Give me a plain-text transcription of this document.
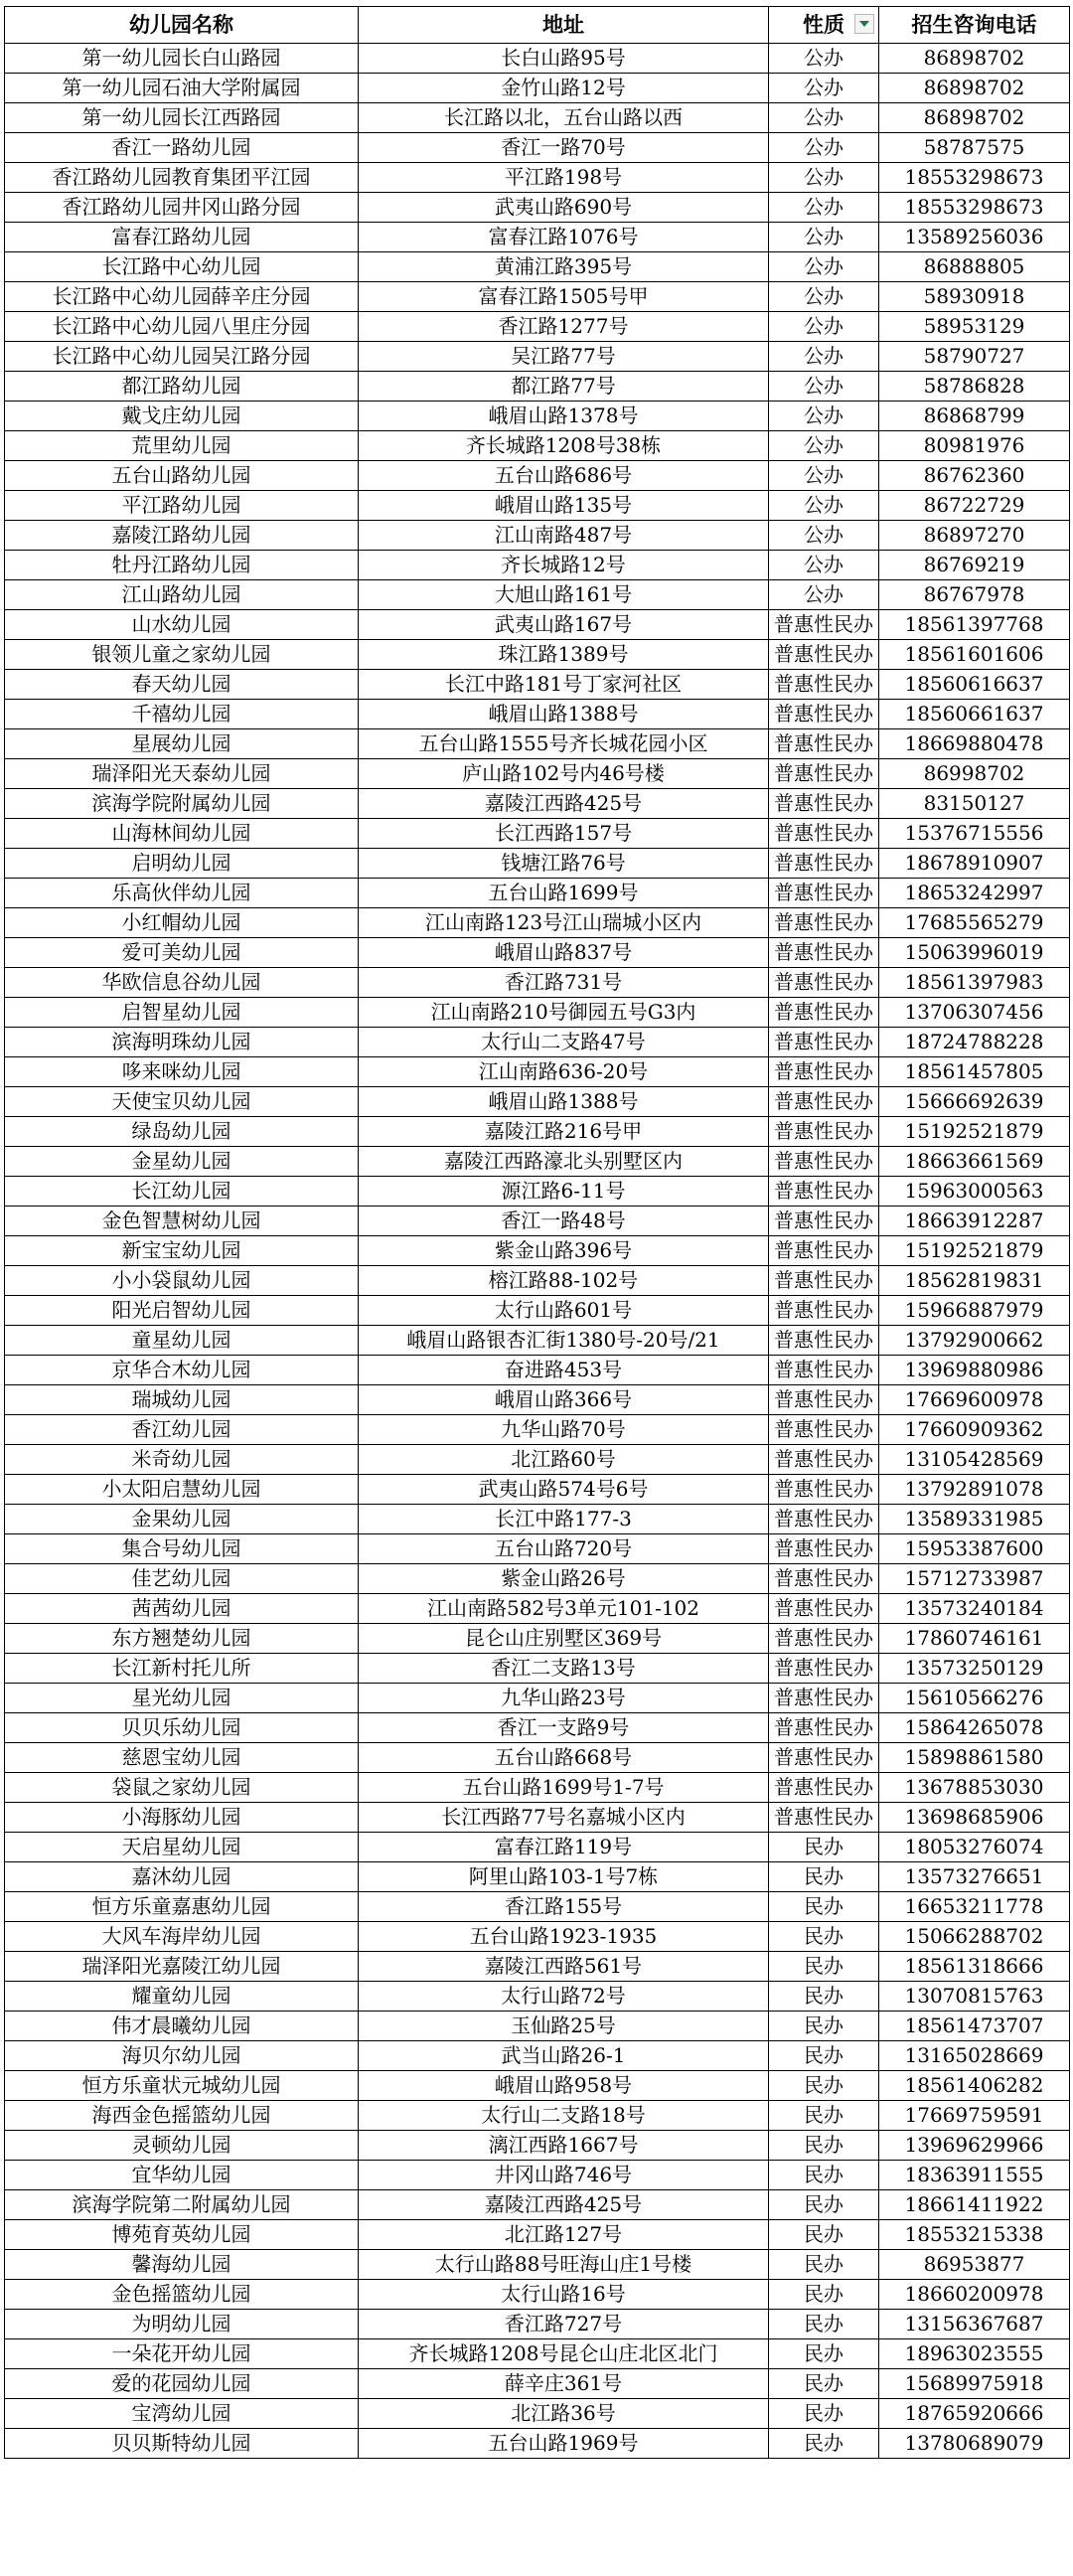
幼儿园名称	地址	性质	招生咨询电话
第一幼儿园长白山路园	长白山路95号	公办	86898702
第一幼儿园石油大学附属园	金竹山路12号	公办	86898702
第一幼儿园长江西路园	长江路以北，五台山路以西	公办	86898702
香江一路幼儿园	香江一路70号	公办	58787575
香江路幼儿园教育集团平江园	平江路198号	公办	18553298673
香江路幼儿园井冈山路分园	武夷山路690号	公办	18553298673
富春江路幼儿园	富春江路1076号	公办	13589256036
长江路中心幼儿园	黄浦江路395号	公办	86888805
长江路中心幼儿园薛辛庄分园	富春江路1505号甲	公办	58930918
长江路中心幼儿园八里庄分园	香江路1277号	公办	58953129
长江路中心幼儿园吴江路分园	吴江路77号	公办	58790727
都江路幼儿园	都江路77号	公办	58786828
戴戈庄幼儿园	峨眉山路1378号	公办	86868799
荒里幼儿园	齐长城路1208号38栋	公办	80981976
五台山路幼儿园	五台山路686号	公办	86762360
平江路幼儿园	峨眉山路135号	公办	86722729
嘉陵江路幼儿园	江山南路487号	公办	86897270
牡丹江路幼儿园	齐长城路12号	公办	86769219
江山路幼儿园	大旭山路161号	公办	86767978
山水幼儿园	武夷山路167号	普惠性民办	18561397768
银领儿童之家幼儿园	珠江路1389号	普惠性民办	18561601606
春天幼儿园	长江中路181号丁家河社区	普惠性民办	18560616637
千禧幼儿园	峨眉山路1388号	普惠性民办	18560661637
星展幼儿园	五台山路1555号齐长城花园小区	普惠性民办	18669880478
瑞泽阳光天泰幼儿园	庐山路102号内46号楼	普惠性民办	86998702
滨海学院附属幼儿园	嘉陵江西路425号	普惠性民办	83150127
山海林间幼儿园	长江西路157号	普惠性民办	15376715556
启明幼儿园	钱塘江路76号	普惠性民办	18678910907
乐高伙伴幼儿园	五台山路1699号	普惠性民办	18653242997
小红帽幼儿园	江山南路123号江山瑞城小区内	普惠性民办	17685565279
爱可美幼儿园	峨眉山路837号	普惠性民办	15063996019
华欧信息谷幼儿园	香江路731号	普惠性民办	18561397983
启智星幼儿园	江山南路210号御园五号G3内	普惠性民办	13706307456
滨海明珠幼儿园	太行山二支路47号	普惠性民办	18724788228
哆来咪幼儿园	江山南路636-20号	普惠性民办	18561457805
天使宝贝幼儿园	峨眉山路1388号	普惠性民办	15666692639
绿岛幼儿园	嘉陵江路216号甲	普惠性民办	15192521879
金星幼儿园	嘉陵江西路濠北头别墅区内	普惠性民办	18663661569
长江幼儿园	源江路6-11号	普惠性民办	15963000563
金色智慧树幼儿园	香江一路48号	普惠性民办	18663912287
新宝宝幼儿园	紫金山路396号	普惠性民办	15192521879
小小袋鼠幼儿园	榕江路88-102号	普惠性民办	18562819831
阳光启智幼儿园	太行山路601号	普惠性民办	15966887979
童星幼儿园	峨眉山路银杏汇街1380号-20号/21	普惠性民办	13792900662
京华合木幼儿园	奋进路453号	普惠性民办	13969880986
瑞城幼儿园	峨眉山路366号	普惠性民办	17669600978
香江幼儿园	九华山路70号	普惠性民办	17660909362
米奇幼儿园	北江路60号	普惠性民办	13105428569
小太阳启慧幼儿园	武夷山路574号6号	普惠性民办	13792891078
金果幼儿园	长江中路177-3	普惠性民办	13589331985
集合号幼儿园	五台山路720号	普惠性民办	15953387600
佳艺幼儿园	紫金山路26号	普惠性民办	15712733987
茜茜幼儿园	江山南路582号3单元101-102	普惠性民办	13573240184
东方翘楚幼儿园	昆仑山庄别墅区369号	普惠性民办	17860746161
长江新村托儿所	香江二支路13号	普惠性民办	13573250129
星光幼儿园	九华山路23号	普惠性民办	15610566276
贝贝乐幼儿园	香江一支路9号	普惠性民办	15864265078
慈恩宝幼儿园	五台山路668号	普惠性民办	15898861580
袋鼠之家幼儿园	五台山路1699号1-7号	普惠性民办	13678853030
小海豚幼儿园	长江西路77号名嘉城小区内	普惠性民办	13698685906
天启星幼儿园	富春江路119号	民办	18053276074
嘉沐幼儿园	阿里山路103-1号7栋	民办	13573276651
恒方乐童嘉惠幼儿园	香江路155号	民办	16653211778
大风车海岸幼儿园	五台山路1923-1935	民办	15066288702
瑞泽阳光嘉陵江幼儿园	嘉陵江西路561号	民办	18561318666
耀童幼儿园	太行山路72号	民办	13070815763
伟才晨曦幼儿园	玉仙路25号	民办	18561473707
海贝尔幼儿园	武当山路26-1	民办	13165028669
恒方乐童状元城幼儿园	峨眉山路958号	民办	18561406282
海西金色摇篮幼儿园	太行山二支路18号	民办	17669759591
灵顿幼儿园	漓江西路1667号	民办	13969629966
宜华幼儿园	井冈山路746号	民办	18363911555
滨海学院第二附属幼儿园	嘉陵江西路425号	民办	18661411922
博苑育英幼儿园	北江路127号	民办	18553215338
馨海幼儿园	太行山路88号旺海山庄1号楼	民办	86953877
金色摇篮幼儿园	太行山路16号	民办	18660200978
为明幼儿园	香江路727号	民办	13156367687
一朵花开幼儿园	齐长城路1208号昆仑山庄北区北门	民办	18963023555
爱的花园幼儿园	薛辛庄361号	民办	15689975918
宝湾幼儿园	北江路36号	民办	18765920666
贝贝斯特幼儿园	五台山路1969号	民办	13780689079
